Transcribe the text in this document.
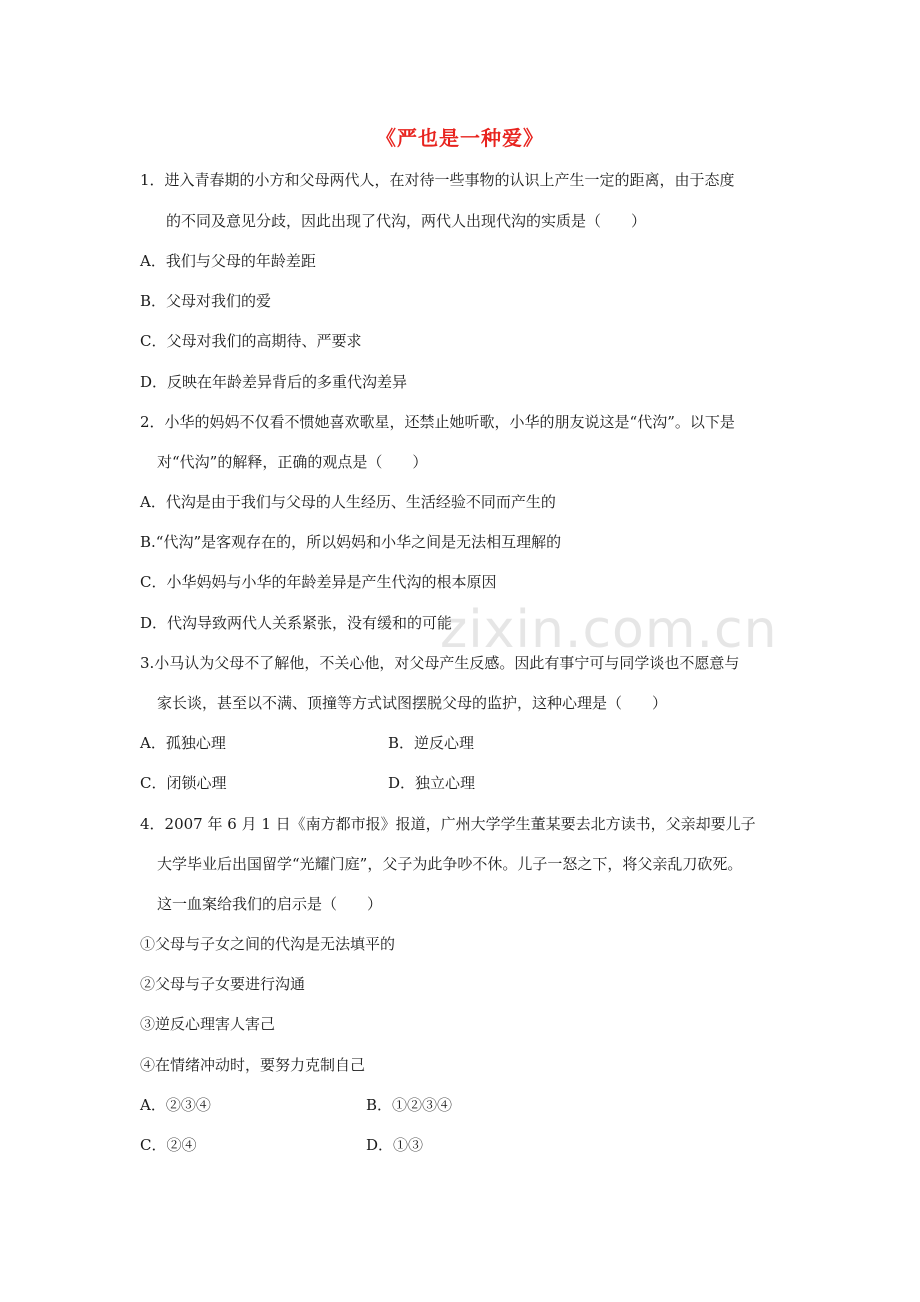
《严也是一种爱》
1．进入青春期的小方和父母两代人，在对待一些事物的认识上产生一定的距离，由于态度
的不同及意见分歧，因此出现了代沟，两代人出现代沟的实质是（　　）
A．我们与父母的年龄差距
B．父母对我们的爱
C．父母对我们的高期待、严要求
D．反映在年龄差异背后的多重代沟差异
2．小华的妈妈不仅看不惯她喜欢歌星，还禁止她听歌，小华的朋友说这是“代沟”。以下是
对“代沟”的解释，正确的观点是（　　）
A．代沟是由于我们与父母的人生经历、生活经验不同而产生的
B.“代沟”是客观存在的，所以妈妈和小华之间是无法相互理解的
C．小华妈妈与小华的年龄差异是产生代沟的根本原因
D．代沟导致两代人关系紧张，没有缓和的可能
3.小马认为父母不了解他，不关心他，对父母产生反感。因此有事宁可与同学谈也不愿意与
家长谈，甚至以不满、顶撞等方式试图摆脱父母的监护，这种心理是（　　）
A．孤独心理	B．逆反心理
C．闭锁心理	D．独立心理
4．2007 年 6 月 1 日《南方都市报》报道，广州大学学生董某要去北方读书，父亲却要儿子
大学毕业后出国留学“光耀门庭”，父子为此争吵不休。儿子一怒之下，将父亲乱刀砍死。
这一血案给我们的启示是（　　）
①父母与子女之间的代沟是无法填平的
②父母与子女要进行沟通
③逆反心理害人害己
④在情绪冲动时，要努力克制自己
A．②③④	B．①②③④
C．②④	D．①③
zixin.com.cn
